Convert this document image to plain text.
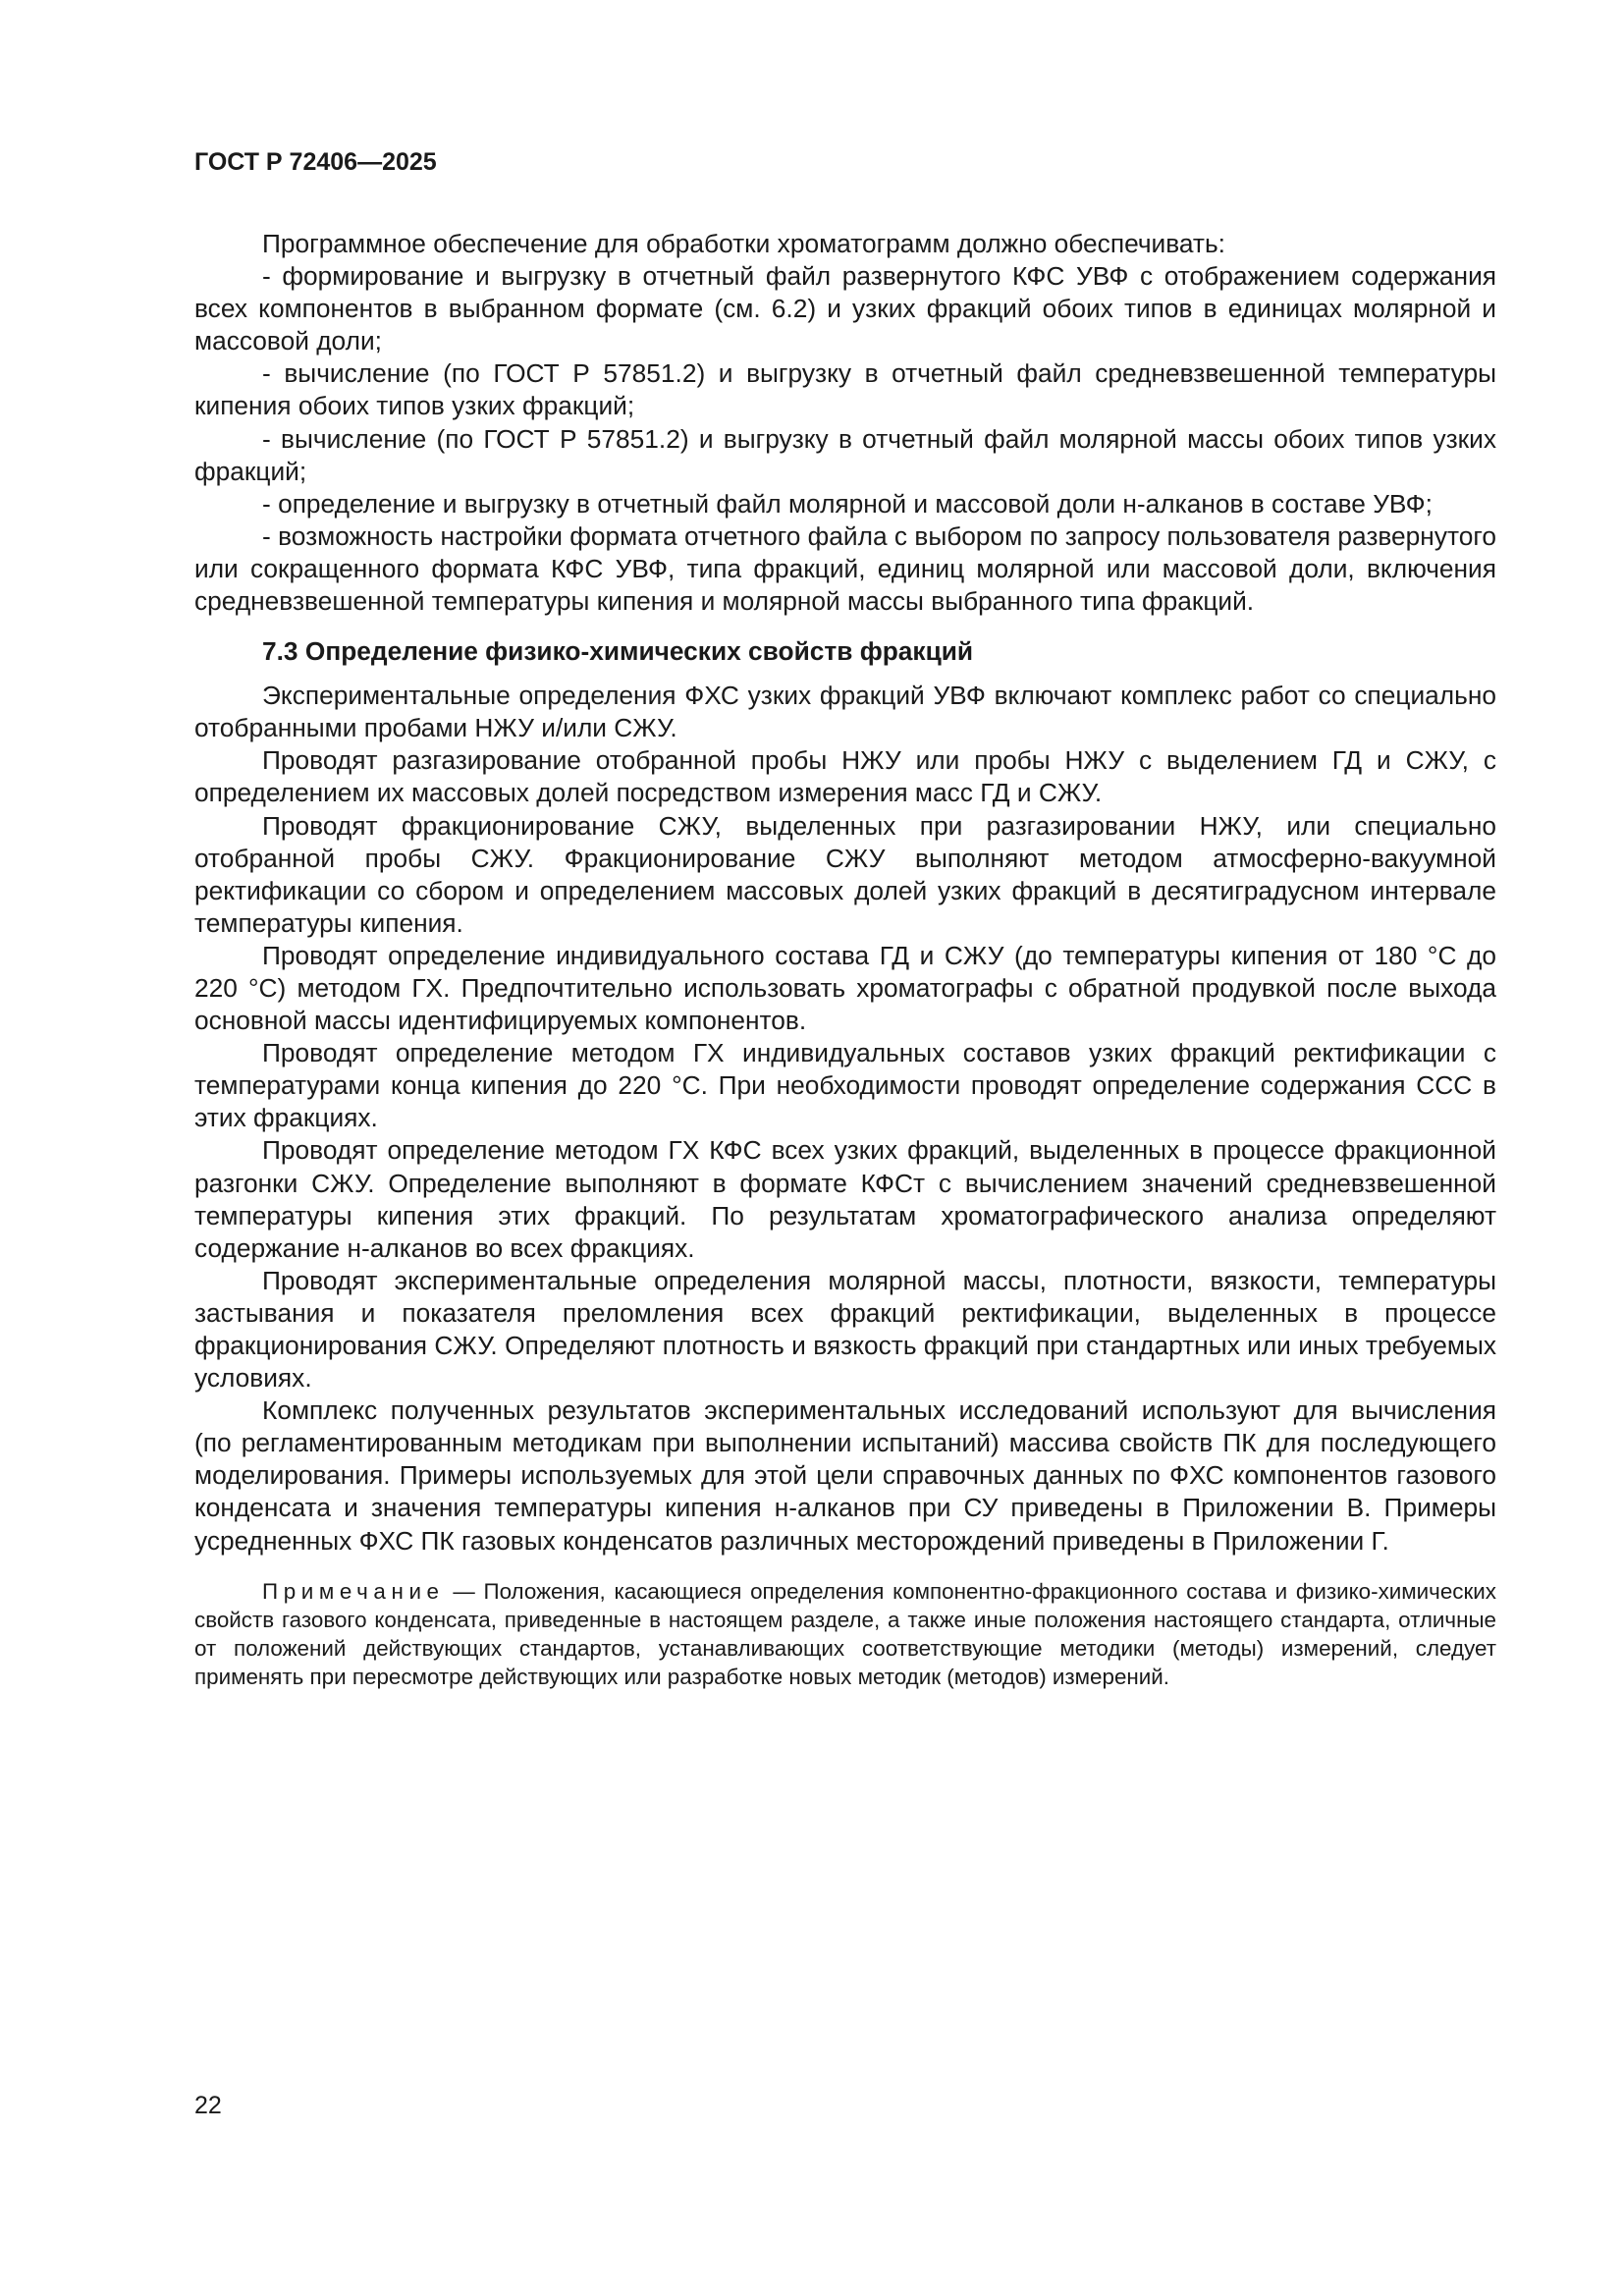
ГОСТ Р 72406—2025

Программное обеспечение для обработки хроматограмм должно обеспечивать:

- формирование и выгрузку в отчетный файл развернутого КФС УВФ с отображением содержания всех компонентов в выбранном формате (см. 6.2) и узких фракций обоих типов в единицах молярной и массовой доли;

- вычисление (по ГОСТ Р 57851.2) и выгрузку в отчетный файл средневзвешенной температуры кипения обоих типов узких фракций;

- вычисление (по ГОСТ Р 57851.2) и выгрузку в отчетный файл молярной массы обоих типов узких фракций;

- определение и выгрузку в отчетный файл молярной и массовой доли н-алканов в составе УВФ;

- возможность настройки формата отчетного файла с выбором по запросу пользователя развернутого или сокращенного формата КФС УВФ, типа фракций, единиц молярной или массовой доли, включения средневзвешенной температуры кипения и молярной массы выбранного типа фракций.

7.3 Определение физико-химических свойств фракций

Экспериментальные определения ФХС узких фракций УВФ включают комплекс работ со специально отобранными пробами НЖУ и/или СЖУ.

Проводят разгазирование отобранной пробы НЖУ или пробы НЖУ с выделением ГД и СЖУ, с определением их массовых долей посредством измерения масс ГД и СЖУ.

Проводят фракционирование СЖУ, выделенных при разгазировании НЖУ, или специально отобранной пробы СЖУ. Фракционирование СЖУ выполняют методом атмосферно-вакуумной ректификации со сбором и определением массовых долей узких фракций в десятиградусном интервале температуры кипения.

Проводят определение индивидуального состава ГД и СЖУ (до температуры кипения от 180 °С до 220 °С) методом ГХ. Предпочтительно использовать хроматографы с обратной продувкой после выхода основной массы идентифицируемых компонентов.

Проводят определение методом ГХ индивидуальных составов узких фракций ректификации с температурами конца кипения до 220 °С. При необходимости проводят определение содержания ССС в этих фракциях.

Проводят определение методом ГХ КФС всех узких фракций, выделенных в процессе фракционной разгонки СЖУ. Определение выполняют в формате КФСт с вычислением значений средневзвешенной температуры кипения этих фракций. По результатам хроматографического анализа определяют содержание н-алканов во всех фракциях.

Проводят экспериментальные определения молярной массы, плотности, вязкости, температуры застывания и показателя преломления всех фракций ректификации, выделенных в процессе фракционирования СЖУ. Определяют плотность и вязкость фракций при стандартных или иных требуемых условиях.

Комплекс полученных результатов экспериментальных исследований используют для вычисления (по регламентированным методикам при выполнении испытаний) массива свойств ПК для последующего моделирования. Примеры используемых для этой цели справочных данных по ФХС компонентов газового конденсата и значения температуры кипения н-алканов при СУ приведены в Приложении В. Примеры усредненных ФХС ПК газовых конденсатов различных месторождений приведены в Приложении Г.

Примечание — Положения, касающиеся определения компонентно-фракционного состава и физико-химических свойств газового конденсата, приведенные в настоящем разделе, а также иные положения настоящего стандарта, отличные от положений действующих стандартов, устанавливающих соответствующие методики (методы) измерений, следует применять при пересмотре действующих или разработке новых методик (методов) измерений.

22
